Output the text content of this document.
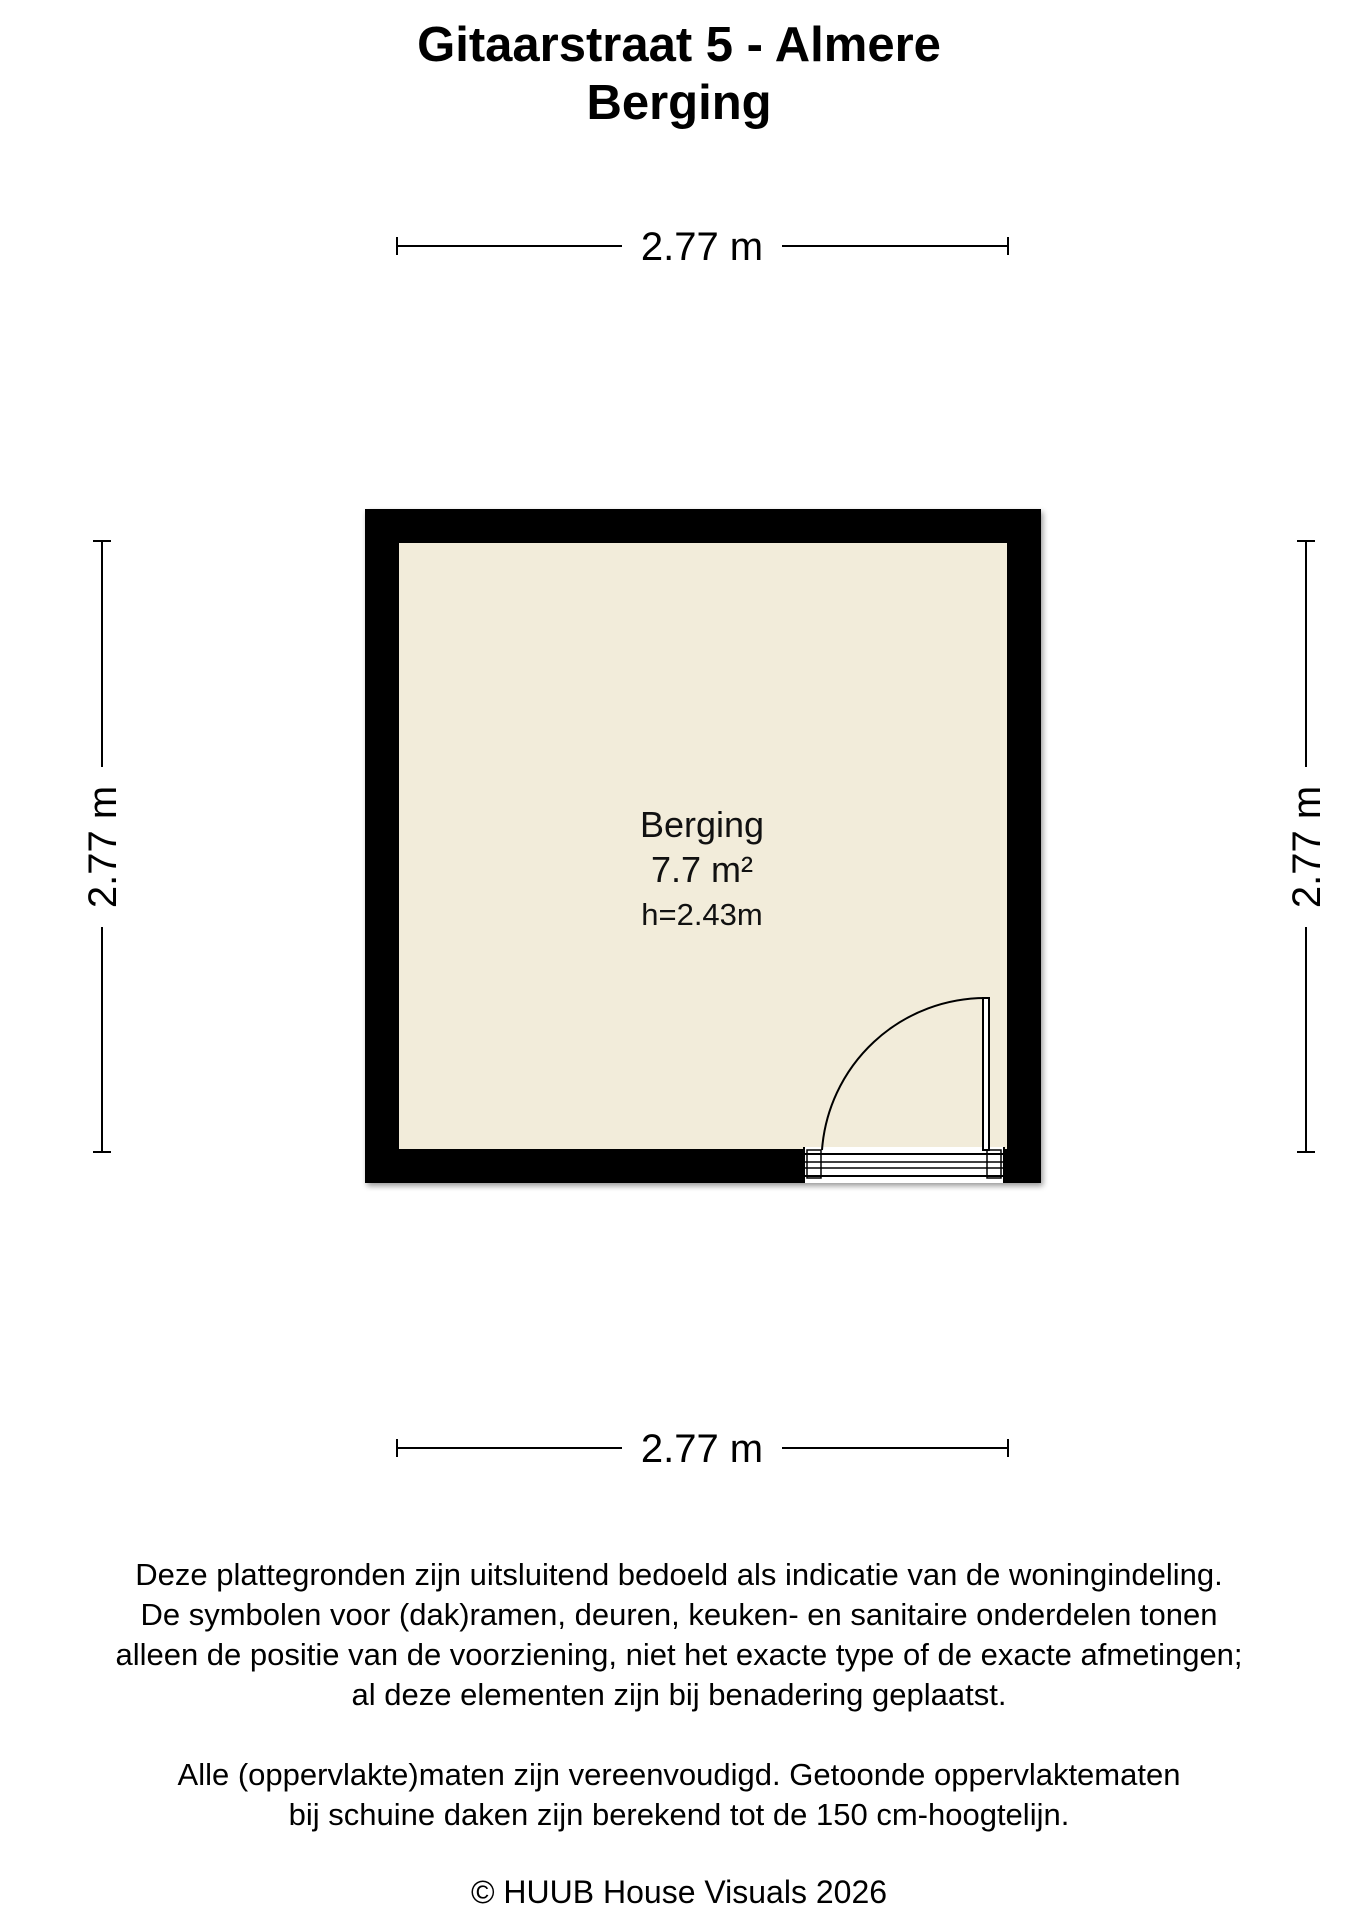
Gitaarstraat 5 - Almere
Berging
2.77 m
2.77 m
2.77 m	2.77 m
Berging
7.7 m²
h=2.43m
Deze plattegronden zijn uitsluitend bedoeld als indicatie van de woningindeling.
De symbolen voor (dak)ramen, deuren, keuken- en sanitaire onderdelen tonen
alleen de positie van de voorziening, niet het exacte type of de exacte afmetingen;
al deze elementen zijn bij benadering geplaatst.
Alle (oppervlakte)maten zijn vereenvoudigd. Getoonde oppervlaktematen
bij schuine daken zijn berekend tot de 150 cm-hoogtelijn.
© HUUB House Visuals 2026
